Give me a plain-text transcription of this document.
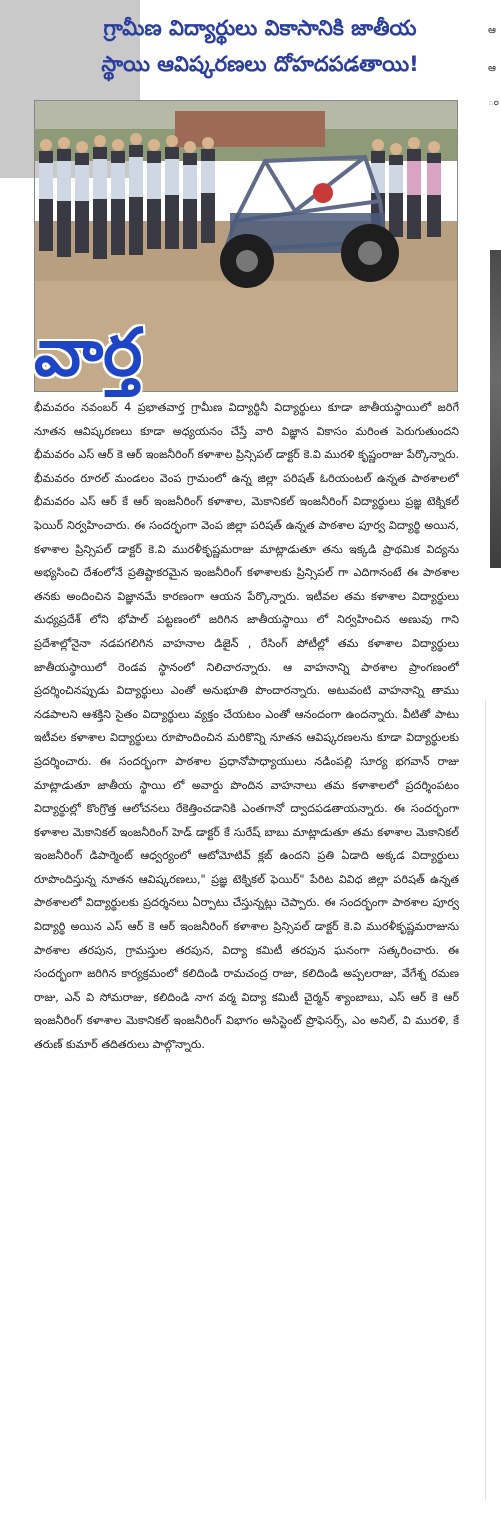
గ్రామీణ విద్యార్థులు వికాసానికి జాతీయ
స్థాయి ఆవిష్కరణలు దోహదపడతాయి!
వార్త
భీమవరం నవంబర్ 4 ప్రభాతవార్త గ్రామీణ విద్యార్థినీ విద్యార్థులు కూడా జాతీయస్థాయిలో జరిగే నూతన ఆవిష్కరణలు కూడా అధ్యయనం చేస్తే వారి విజ్ఞాన వికాసం మరింత పెరుగుతుందని భీమవరం ఎస్ ఆర్ కె ఆర్ ఇంజనీరింగ్ కళాశాల ప్రిన్సిపల్ డాక్టర్ కె.వి మురళి కృష్ణంరాజు పేర్కొన్నారు. భీమవరం రూరల్ మండలం వెంప గ్రామంలో ఉన్న జిల్లా పరిషత్ ఓరియంటల్ ఉన్నత పాఠశాలలో భీమవరం ఎస్ ఆర్ కే ఆర్ ఇంజనీరింగ్ కళాశాల, మెకానికల్ ఇంజనీరింగ్ విద్యార్థులు ప్రజ్ఞ టెక్నికల్ ఫెయిర్ నిర్వహించారు. ఈ సందర్భంగా వెంప జిల్లా పరిషత్ ఉన్నత పాఠశాల పూర్వ విద్యార్థి అయిన, కళాశాల ప్రిన్సిపల్ డాక్టర్ కె.వి మురళీకృష్ణమరాజు మాట్లాడుతూ తను ఇక్కడి ప్రాథమిక విద్యను అభ్యసించి దేశంలోనే ప్రతిష్టాకరమైన ఇంజనీరింగ్ కళాశాలకు ప్రిన్సిపల్ గా ఎదిగానంటే ఈ పాఠశాల తనకు అందించిన విజ్ఞానమే కారణంగా ఆయన పేర్కొన్నారు. ఇటీవల తమ కళాశాల విద్యార్థులు మధ్యప్రదేశ్ లోని భోపాల్ పట్టణంలో జరిగిన జాతీయస్థాయి లో నిర్వహించిన అణువు గాని ప్రదేశాల్లోనైనా నడపగలిగిన వాహనాల డిజైన్ , రేసింగ్ పోటీల్లో తమ కళాశాల విద్యార్థులు జాతీయస్థాయిలో రెండవ స్థానంలో నిలిచారన్నారు. ఆ వాహనాన్ని పాఠశాల ప్రాంగణంలో ప్రదర్శించినప్పుడు విద్యార్థులు ఎంతో అనుభూతి పొందారన్నారు. అటువంటి వాహనాన్ని తాము నడపాలని ఆశక్తిని సైతం విద్యార్థులు వ్యక్తం చేయటం ఎంతో ఆనందంగా ఉందన్నారు. వీటితో పాటు ఇటీవల కళాశాల విద్యార్థులు రూపొందించిన మరికొన్ని నూతన ఆవిష్కరణలను కూడా విద్యార్థులకు ప్రదర్శించారు. ఈ సందర్భంగా పాఠశాల ప్రధానోపాధ్యాయులు నడింపల్లి సూర్య భగవాన్ రాజు మాట్లాడుతూ జాతీయ స్థాయి లో అవార్డు పొందిన వాహనాలు తమ కళాశాలలో ప్రదర్శింపటం విద్యార్థుల్లో కొంగ్రొత్త ఆలోచనలు రేకెత్తించడానికి ఎంతగానో ద్వాదపడతాయన్నారు. ఈ సందర్భంగా కళాశాల మెకానికల్ ఇంజనీరింగ్ హెడ్ డాక్టర్ కే సురేష్ బాబు మాట్లాడుతూ తమ కళాశాల మెకానికల్ ఇంజనీరింగ్ డిపార్మెంట్ ఆధ్వర్యంలో ఆటోమోటివ్ క్లబ్ ఉందని ప్రతి ఏడాది అక్కడ విద్యార్థులు రూపొందిస్తున్న నూతన ఆవిష్కరణలు," ప్రజ్ఞ టెక్నికల్ ఫెయిర్" పేరిట వివిధ జిల్లా పరిషత్ ఉన్నత పాఠశాలలో విద్యార్థులకు ప్రదర్శనలు ఏర్పాటు చేస్తున్నట్లు చెప్పారు. ఈ సందర్భంగా పాఠశాల పూర్వ విద్యార్థి అయిన ఎస్ ఆర్ కె ఆర్ ఇంజనీరింగ్ కళాశాల ప్రిన్సిపల్ డాక్టర్ కె.వి మురళీకృష్ణమరాజును పాఠశాల తరపున, గ్రామస్తుల తరపున, విద్యా కమిటీ తరపున ఘనంగా సత్కరించారు. ఈ సందర్భంగా జరిగిన కార్యక్రమంలో కలిదిండి రామచంద్ర రాజు, కలిదిండి అప్పలరాజు, వేగేశ్న రమణ రాజు, ఎన్ వి సోమరాజు, కలిదిండి నాగ వర్మ విద్యా కమిటీ చైర్మన్ శ్యాంబాబు, ఎస్ ఆర్ కె ఆర్ ఇంజనీరింగ్ కళాశాల మెకానికల్ ఇంజనీరింగ్ విభాగం అసిస్టెంట్ ప్రొఫెసర్స్, ఎం అనిల్, వి మురళి, కే తరుణ్ కుమార్ తదితరులు పాల్గొన్నారు.
ఆ
ఆ
ం
